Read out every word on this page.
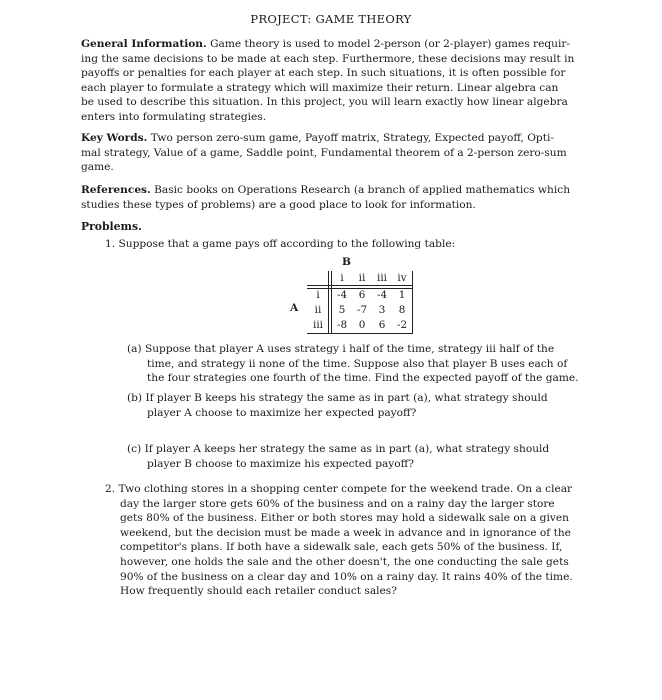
PROJECT: GAME THEORY
General Information. Game theory is used to model 2-person (or 2-player) games requir-
ing the same decisions to be made at each step. Furthermore, these decisions may result in
payoffs or penalties for each player at each step. In such situations, it is often possible for
each player to formulate a strategy which will maximize their return. Linear algebra can
be used to describe this situation. In this project, you will learn exactly how linear algebra
enters into formulating strategies.
Key Words. Two person zero-sum game, Payoff matrix, Strategy, Expected payoff, Opti-
mal strategy, Value of a game, Saddle point, Fundamental theorem of a 2-person zero-sum
game.
References. Basic books on Operations Research (a branch of applied mathematics which
studies these types of problems) are a good place to look for information.
Problems.
1. Suppose that a game pays off according to the following table:
B
A
i	ii	iii	iv
i	-4	6	-4	1
ii	5	-7	3	8
iii	-8	0	6	-2
(a) Suppose that player A uses strategy i half of the time, strategy iii half of the
time, and strategy ii none of the time. Suppose also that player B uses each of
the four strategies one fourth of the time. Find the expected payoff of the game.
(b) If player B keeps his strategy the same as in part (a), what strategy should
player A choose to maximize her expected payoff?
(c) If player A keeps her strategy the same as in part (a), what strategy should
player B choose to maximize his expected payoff?
2. Two clothing stores in a shopping center compete for the weekend trade. On a clear
day the larger store gets 60% of the business and on a rainy day the larger store
gets 80% of the business. Either or both stores may hold a sidewalk sale on a given
weekend, but the decision must be made a week in advance and in ignorance of the
competitor's plans. If both have a sidewalk sale, each gets 50% of the business. If,
however, one holds the sale and the other doesn't, the one conducting the sale gets
90% of the business on a clear day and 10% on a rainy day. It rains 40% of the time.
How frequently should each retailer conduct sales?
